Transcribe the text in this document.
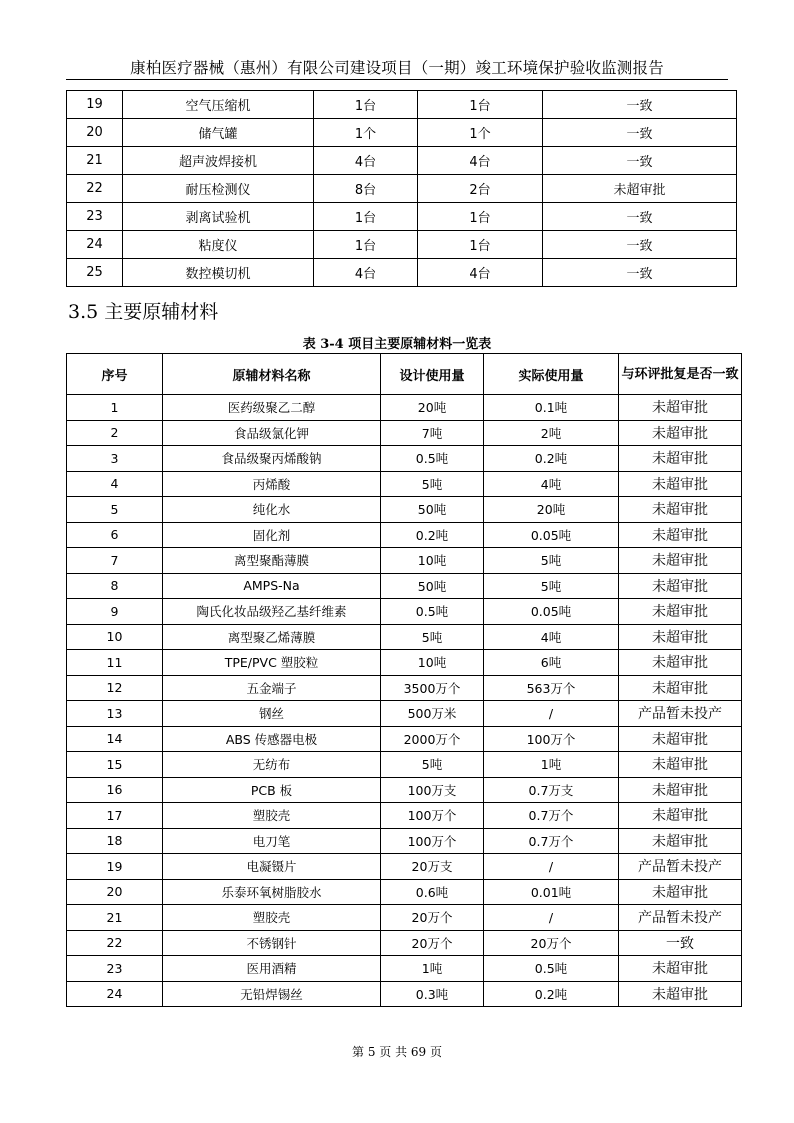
康柏医疗器械（惠州）有限公司建设项目（一期）竣工环境保护验收监测报告
19	空气压缩机	1台	1台	一致
20	储气罐	1个	1个	一致
21	超声波焊接机	4台	4台	一致
22	耐压检测仪	8台	2台	未超审批
23	剥离试验机	1台	1台	一致
24	粘度仪	1台	1台	一致
25	数控模切机	4台	4台	一致
3.5 主要原辅材料
表 3-4 项目主要原辅材料一览表
序号	原辅材料名称	设计使用量	实际使用量	与环评批复是否一致
1	医药级聚乙二醇	20吨	0.1吨	未超审批
2	食品级氯化钾	7吨	2吨	未超审批
3	食品级聚丙烯酸钠	0.5吨	0.2吨	未超审批
4	丙烯酸	5吨	4吨	未超审批
5	纯化水	50吨	20吨	未超审批
6	固化剂	0.2吨	0.05吨	未超审批
7	离型聚酯薄膜	10吨	5吨	未超审批
8	AMPS-Na	50吨	5吨	未超审批
9	陶氏化妆品级羟乙基纤维素	0.5吨	0.05吨	未超审批
10	离型聚乙烯薄膜	5吨	4吨	未超审批
11	TPE/PVC 塑胶粒	10吨	6吨	未超审批
12	五金端子	3500万个	563万个	未超审批
13	钢丝	500万米	/	产品暂未投产
14	ABS 传感器电极	2000万个	100万个	未超审批
15	无纺布	5吨	1吨	未超审批
16	PCB 板	100万支	0.7万支	未超审批
17	塑胶壳	100万个	0.7万个	未超审批
18	电刀笔	100万个	0.7万个	未超审批
19	电凝镊片	20万支	/	产品暂未投产
20	乐泰环氧树脂胶水	0.6吨	0.01吨	未超审批
21	塑胶壳	20万个	/	产品暂未投产
22	不锈钢针	20万个	20万个	一致
23	医用酒精	1吨	0.5吨	未超审批
24	无铅焊锡丝	0.3吨	0.2吨	未超审批
第 5 页 共 69 页
